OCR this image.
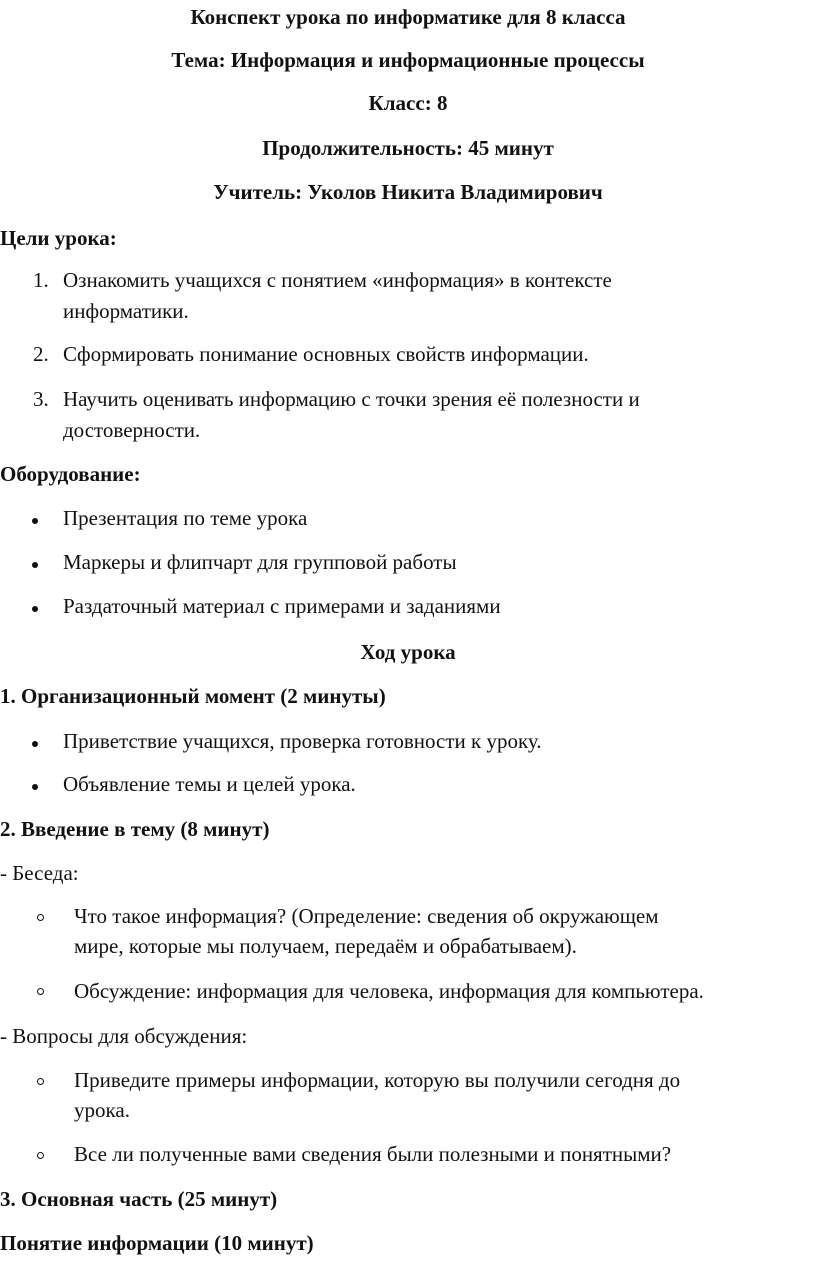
Конспект урока по информатике для 8 класса
Тема: Информация и информационные процессы
Класс: 8
Продолжительность: 45 минут
Учитель: Уколов Никита Владимирович
Цели урока:
1. Ознакомить учащихся с понятием «информация» в контексте
информатики.
2. Сформировать понимание основных свойств информации.
3. Научить оценивать информацию с точки зрения её полезности и
достоверности.
Оборудование:
Презентация по теме урока
Маркеры и флипчарт для групповой работы
Раздаточный материал с примерами и заданиями
Ход урока
1. Организационный момент (2 минуты)
Приветствие учащихся, проверка готовности к уроку.
Объявление темы и целей урока.
2. Введение в тему (8 минут)
- Беседа:
Что такое информация? (Определение: сведения об окружающем
мире, которые мы получаем, передаём и обрабатываем).
Обсуждение: информация для человека, информация для компьютера.
- Вопросы для обсуждения:
Приведите примеры информации, которую вы получили сегодня до
урока.
Все ли полученные вами сведения были полезными и понятными?
3. Основная часть (25 минут)
Понятие информации (10 минут)
